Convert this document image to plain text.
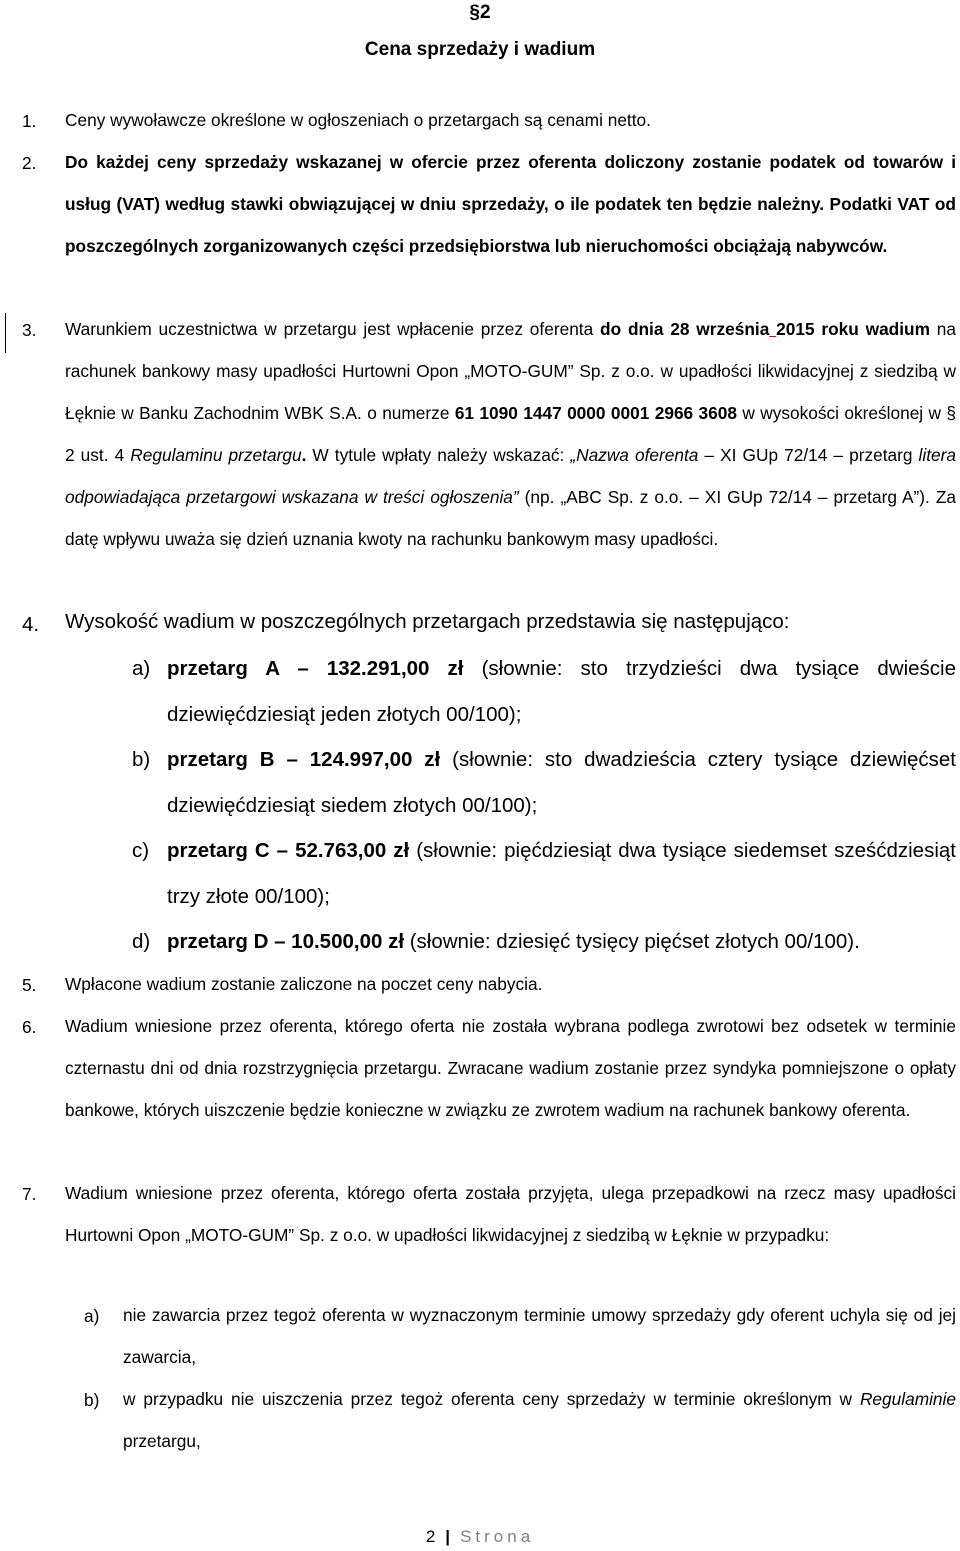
§2
Cena sprzedaży i wadium
1. Ceny wywoławcze określone w ogłoszeniach o przetargach są cenami netto.
2. Do każdej ceny sprzedaży wskazanej w ofercie przez oferenta doliczony zostanie podatek od towarów i usług (VAT) według stawki obwiązującej w dniu sprzedaży, o ile podatek ten będzie należny. Podatki VAT od poszczególnych zorganizowanych części przedsiębiorstwa lub nieruchomości obciążają nabywców.
3. Warunkiem uczestnictwa w przetargu jest wpłacenie przez oferenta do dnia 28 września 2015 roku wadium na rachunek bankowy masy upadłości Hurtowni Opon „MOTO-GUM” Sp. z o.o. w upadłości likwidacyjnej z siedzibą w Łęknie w Banku Zachodnim WBK S.A. o numerze 61 1090 1447 0000 0001 2966 3608 w wysokości określonej w § 2 ust. 4 Regulaminu przetargu. W tytule wpłaty należy wskazać: „Nazwa oferenta – XI GUp 72/14 – przetarg litera odpowiadająca przetargowi wskazana w treści ogłoszenia” (np. „ABC Sp. z o.o. – XI GUp 72/14 – przetarg A”). Za datę wpływu uważa się dzień uznania kwoty na rachunku bankowym masy upadłości.
4. Wysokość wadium w poszczególnych przetargach przedstawia się następująco:
a) przetarg A – 132.291,00 zł (słownie: sto trzydzieści dwa tysiące dwieście dziewięćdziesiąt jeden złotych 00/100);
b) przetarg B – 124.997,00 zł (słownie: sto dwadzieścia cztery tysiące dziewięćset dziewięćdziesiąt siedem złotych 00/100);
c) przetarg C – 52.763,00 zł (słownie: pięćdziesiąt dwa tysiące siedemset sześćdziesiąt trzy złote 00/100);
d) przetarg D – 10.500,00 zł (słownie: dziesięć tysięcy pięćset złotych 00/100).
5. Wpłacone wadium zostanie zaliczone na poczet ceny nabycia.
6. Wadium wniesione przez oferenta, którego oferta nie została wybrana podlega zwrotowi bez odsetek w terminie czternastu dni od dnia rozstrzygnięcia przetargu. Zwracane wadium zostanie przez syndyka pomniejszone o opłaty bankowe, których uiszczenie będzie konieczne w związku ze zwrotem wadium na rachunek bankowy oferenta.
7. Wadium wniesione przez oferenta, którego oferta została przyjęta, ulega przepadkowi na rzecz masy upadłości Hurtowni Opon „MOTO-GUM” Sp. z o.o. w upadłości likwidacyjnej z siedzibą w Łęknie w przypadku:
a) nie zawarcia przez tegoż oferenta w wyznaczonym terminie umowy sprzedaży gdy oferent uchyla się od jej zawarcia,
b) w przypadku nie uiszczenia przez tegoż oferenta ceny sprzedaży w terminie określonym w Regulaminie przetargu,
2 | Strona
